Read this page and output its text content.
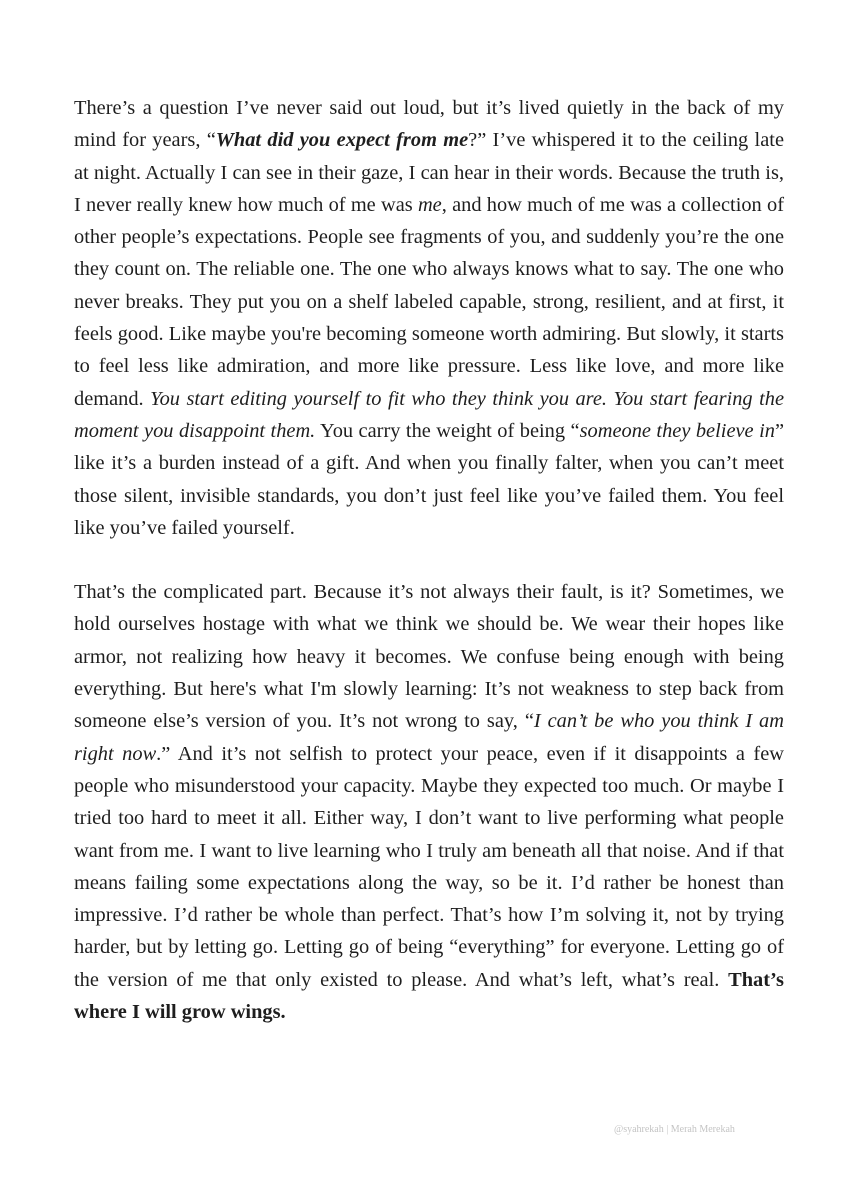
There’s a question I’ve never said out loud, but it’s lived quietly in the back of my mind for years, “What did you expect from me?” I’ve whispered it to the ceiling late at night. Actually I can see in their gaze, I can hear in their words. Because the truth is, I never really knew how much of me was me, and how much of me was a collection of other people’s expectations. People see fragments of you, and suddenly you’re the one they count on. The reliable one. The one who always knows what to say. The one who never breaks. They put you on a shelf labeled capable, strong, resilient, and at first, it feels good. Like maybe you're becoming someone worth admiring. But slowly, it starts to feel less like admiration, and more like pressure. Less like love, and more like demand. You start editing yourself to fit who they think you are. You start fearing the moment you disappoint them. You carry the weight of being “someone they believe in” like it’s a burden instead of a gift. And when you finally falter, when you can’t meet those silent, invisible standards, you don’t just feel like you’ve failed them. You feel like you’ve failed yourself.

That’s the complicated part. Because it’s not always their fault, is it? Sometimes, we hold ourselves hostage with what we think we should be. We wear their hopes like armor, not realizing how heavy it becomes. We confuse being enough with being everything. But here's what I'm slowly learning: It’s not weakness to step back from someone else’s version of you. It’s not wrong to say, “I can’t be who you think I am right now.” And it’s not selfish to protect your peace, even if it disappoints a few people who misunderstood your capacity. Maybe they expected too much. Or maybe I tried too hard to meet it all. Either way, I don’t want to live performing what people want from me. I want to live learning who I truly am beneath all that noise. And if that means failing some expectations along the way, so be it. I’d rather be honest than impressive. I’d rather be whole than perfect. That’s how I’m solving it, not by trying harder, but by letting go. Letting go of being “everything” for everyone. Letting go of the version of me that only existed to please. And what’s left, what’s real. That’s where I will grow wings.

@syahrekah | Merah Merekah
